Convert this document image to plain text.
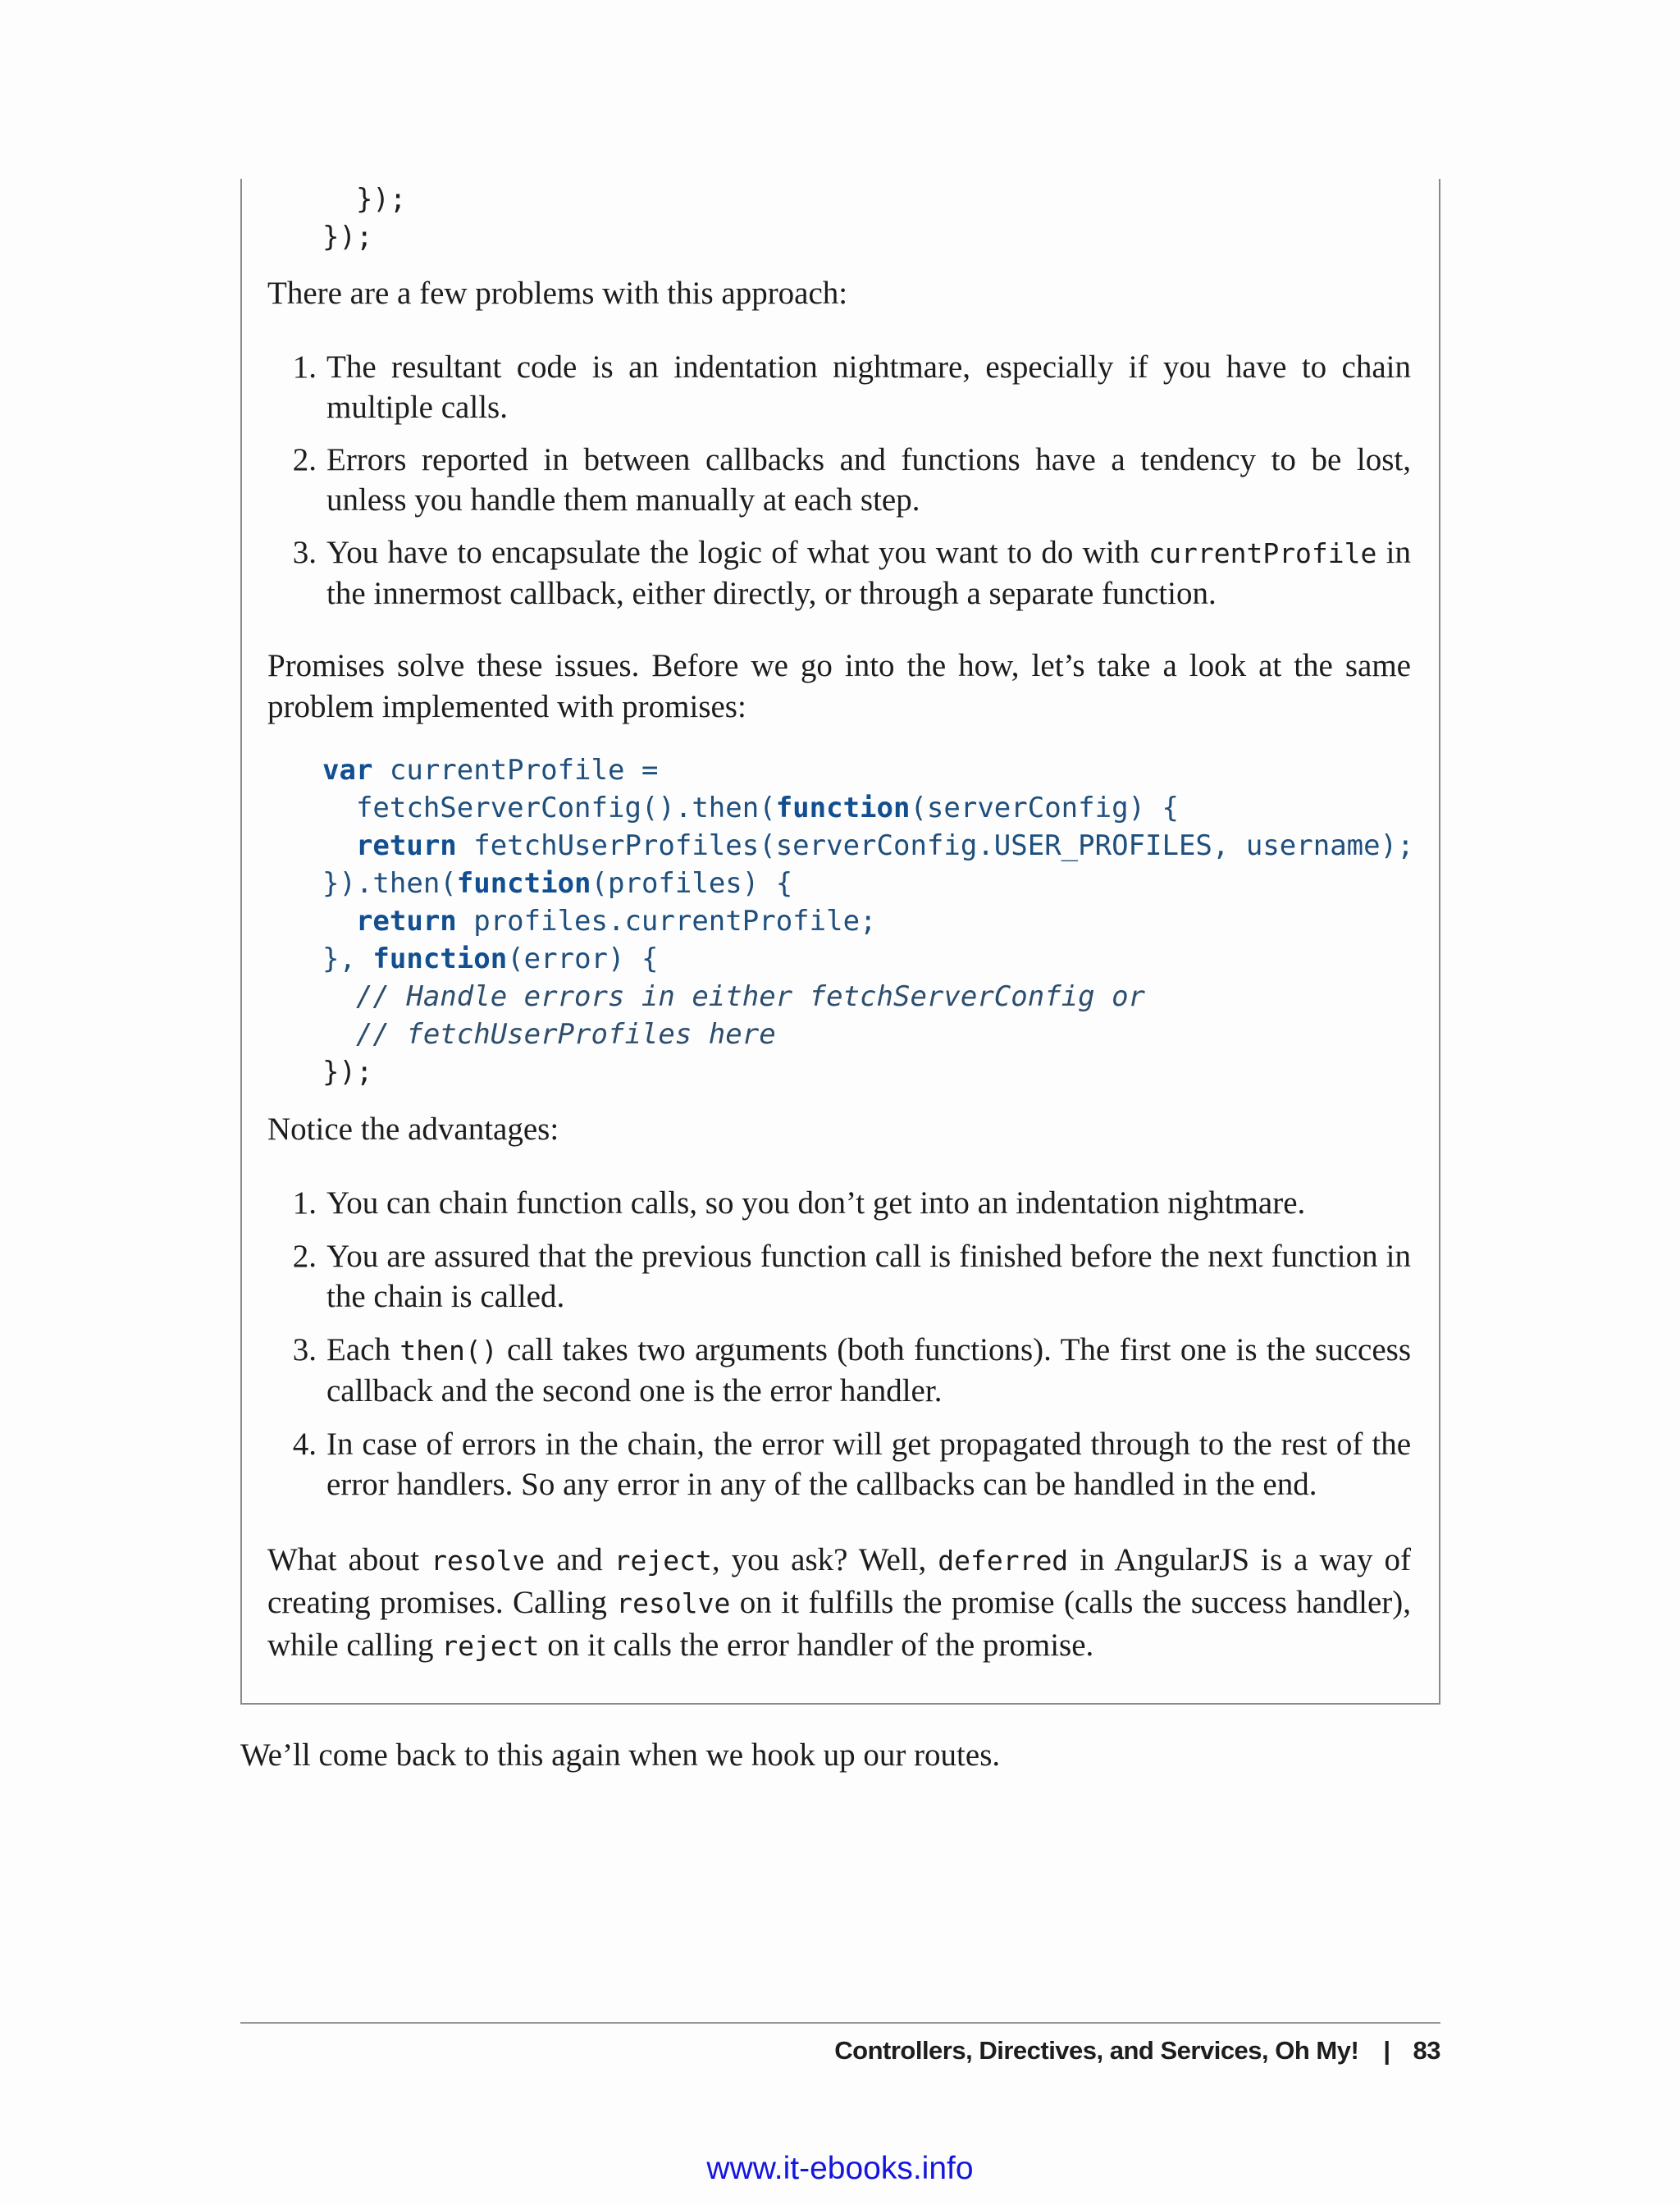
});
});

There are a few problems with this approach:

1. The resultant code is an indentation nightmare, especially if you have to chain multiple calls.
2. Errors reported in between callbacks and functions have a tendency to be lost, unless you handle them manually at each step.
3. You have to encapsulate the logic of what you want to do with currentProfile in the innermost callback, either directly, or through a separate function.

Promises solve these issues. Before we go into the how, let’s take a look at the same problem implemented with promises:

var currentProfile =
fetchServerConfig().then(function(serverConfig) {
return fetchUserProfiles(serverConfig.USER_PROFILES, username);
}).then(function(profiles) {
return profiles.currentProfile;
}, function(error) {
// Handle errors in either fetchServerConfig or
// fetchUserProfiles here
});

Notice the advantages:

1. You can chain function calls, so you don’t get into an indentation nightmare.
2. You are assured that the previous function call is finished before the next function in the chain is called.
3. Each then() call takes two arguments (both functions). The first one is the success callback and the second one is the error handler.
4. In case of errors in the chain, the error will get propagated through to the rest of the error handlers. So any error in any of the callbacks can be handled in the end.

What about resolve and reject, you ask? Well, deferred in AngularJS is a way of creating promises. Calling resolve on it fulfills the promise (calls the success handler), while calling reject on it calls the error handler of the promise.

We’ll come back to this again when we hook up our routes.

Controllers, Directives, and Services, Oh My! | 83
www.it-ebooks.info
